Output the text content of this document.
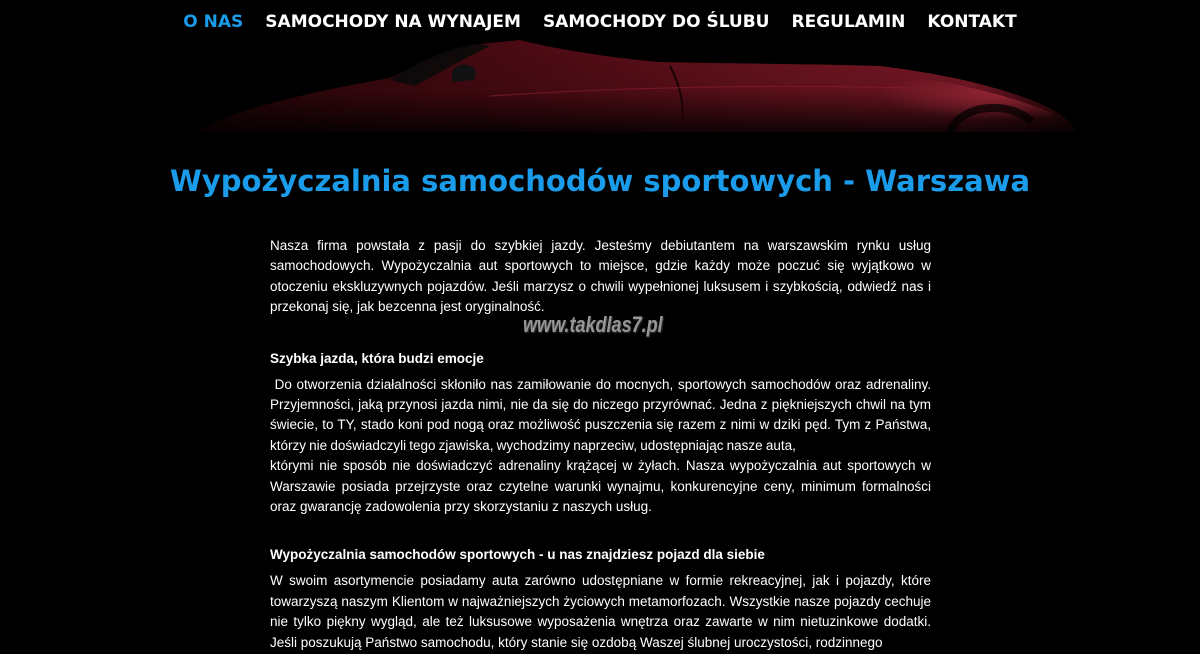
O NAS SAMOCHODY NA WYNAJEM SAMOCHODY DO ŚLUBU REGULAMIN KONTAKT
Wypożyczalnia samochodów sportowych - Warszawa

Nasza firma powstała z pasji do szybkiej jazdy. Jesteśmy debiutantem na warszawskim rynku usług samochodowych. Wypożyczalnia aut sportowych to miejsce, gdzie każdy może poczuć się wyjątkowo w otoczeniu ekskluzywnych pojazdów. Jeśli marzysz o chwili wypełnionej luksusem i szybkością, odwiedź nas i przekonaj się, jak bezcenna jest oryginalność.

Szybka jazda, która budzi emocje

Do otworzenia działalności skłoniło nas zamiłowanie do mocnych, sportowych samochodów oraz adrenaliny. Przyjemności, jaką przynosi jazda nimi, nie da się do niczego przyrównać. Jedna z piękniejszych chwil na tym świecie, to TY, stado koni pod nogą oraz możliwość puszczenia się razem z nimi w dziki pęd. Tym z Państwa, którzy nie doświadczyli tego zjawiska, wychodzimy naprzeciw, udostępniając nasze auta,

którymi nie sposób nie doświadczyć adrenaliny krążącej w żyłach. Nasza wypożyczalnia aut sportowych w Warszawie posiada przejrzyste oraz czytelne warunki wynajmu, konkurencyjne ceny, minimum formalności oraz gwarancję zadowolenia przy skorzystaniu z naszych usług.

Wypożyczalnia samochodów sportowych - u nas znajdziesz pojazd dla siebie

W swoim asortymencie posiadamy auta zarówno udostępniane w formie rekreacyjnej, jak i pojazdy, które towarzyszą naszym Klientom w najważniejszych życiowych metamorfozach. Wszystkie nasze pojazdy cechuje nie tylko piękny wygląd, ale też luksusowe wyposażenia wnętrza oraz zawarte w nim nietuzinkowe dodatki. Jeśli poszukują Państwo samochodu, który stanie się ozdobą Waszej ślubnej uroczystości, rodzinnego

www.takdlas7.pl
